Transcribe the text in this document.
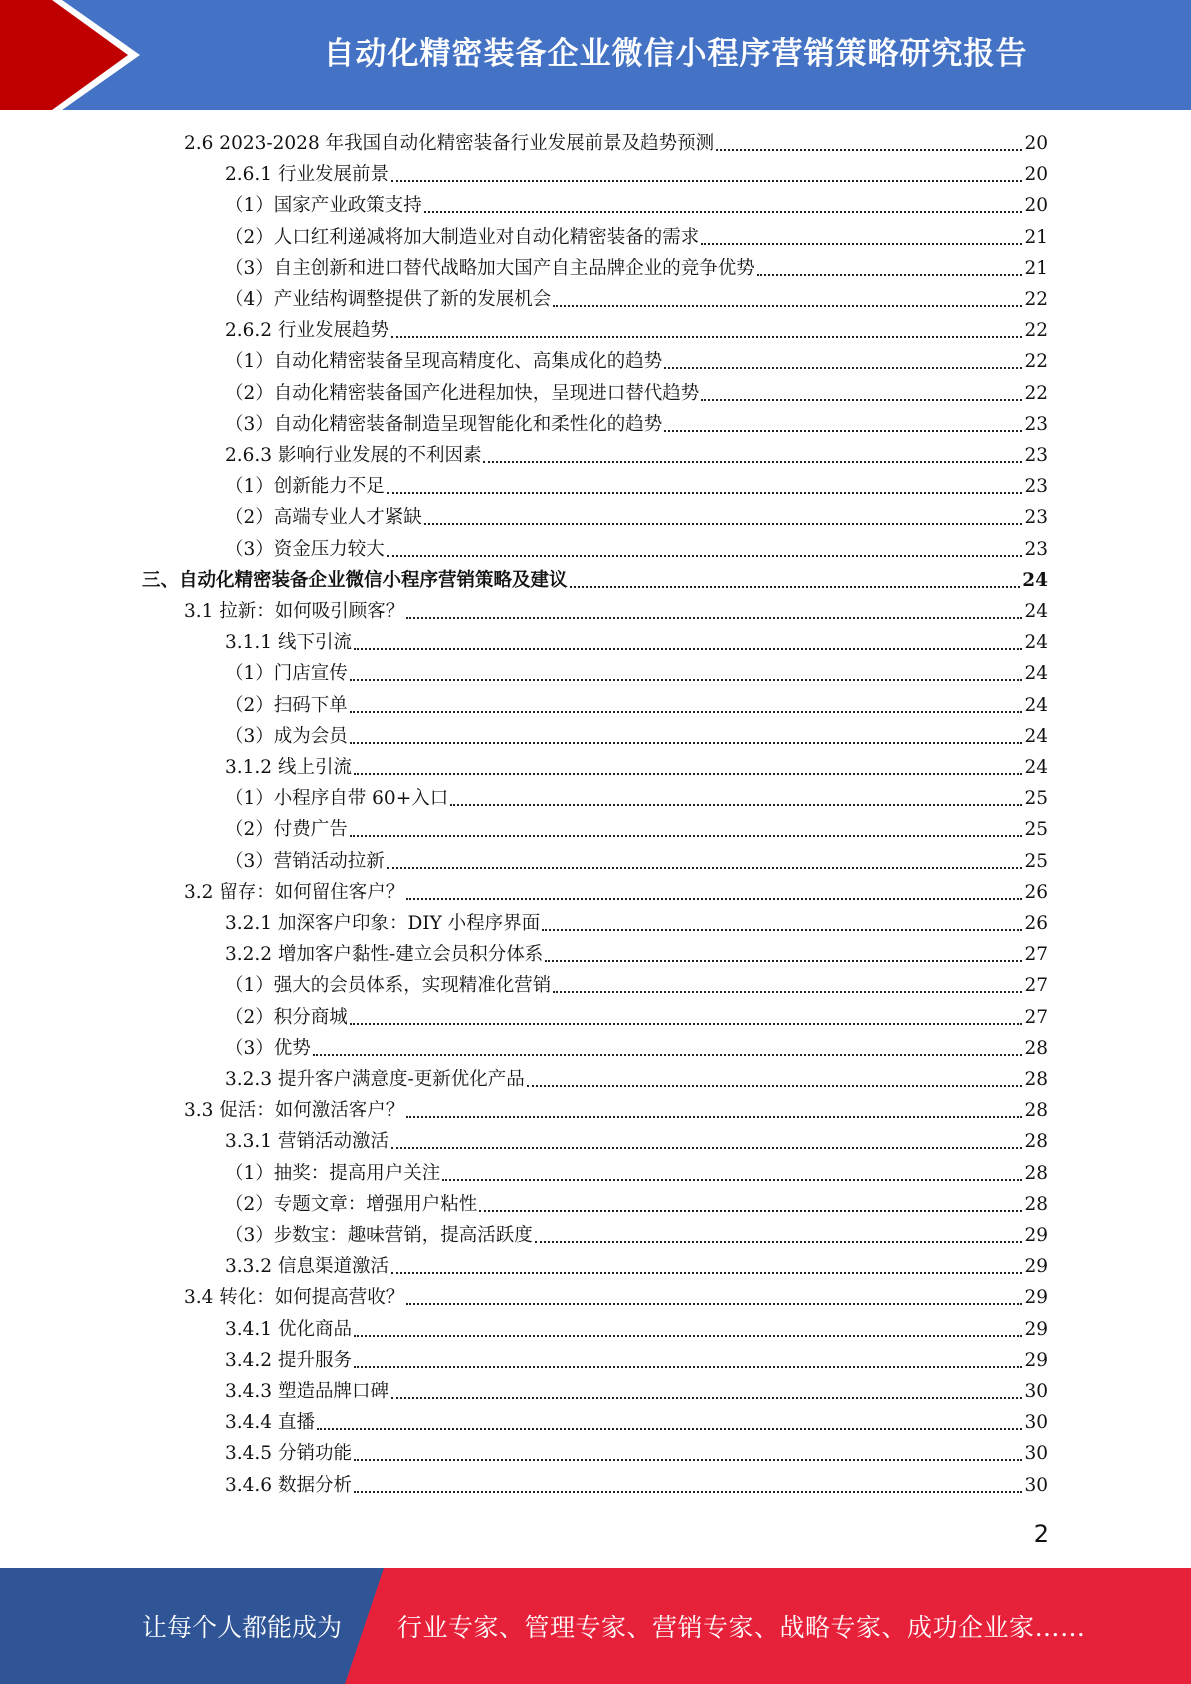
自动化精密装备企业微信小程序营销策略研究报告
2.6 2023-2028 年我国自动化精密装备行业发展前景及趋势预测	20
2.6.1 行业发展前景	20
（1）国家产业政策支持	20
（2）人口红利递减将加大制造业对自动化精密装备的需求	21
（3）自主创新和进口替代战略加大国产自主品牌企业的竞争优势	21
（4）产业结构调整提供了新的发展机会	22
2.6.2 行业发展趋势	22
（1）自动化精密装备呈现高精度化、高集成化的趋势	22
（2）自动化精密装备国产化进程加快，呈现进口替代趋势	22
（3）自动化精密装备制造呈现智能化和柔性化的趋势	23
2.6.3 影响行业发展的不利因素	23
（1）创新能力不足	23
（2）高端专业人才紧缺	23
（3）资金压力较大	23
三、自动化精密装备企业微信小程序营销策略及建议	24
3.1 拉新：如何吸引顾客？	24
3.1.1 线下引流	24
（1）门店宣传	24
（2）扫码下单	24
（3）成为会员	24
3.1.2 线上引流	24
（1）小程序自带 60+入口	25
（2）付费广告	25
（3）营销活动拉新	25
3.2 留存：如何留住客户？	26
3.2.1 加深客户印象：DIY 小程序界面	26
3.2.2 增加客户黏性-建立会员积分体系	27
（1）强大的会员体系，实现精准化营销	27
（2）积分商城	27
（3）优势	28
3.2.3 提升客户满意度-更新优化产品	28
3.3 促活：如何激活客户？	28
3.3.1 营销活动激活	28
（1）抽奖：提高用户关注	28
（2）专题文章：增强用户粘性	28
（3）步数宝：趣味营销，提高活跃度	29
3.3.2 信息渠道激活	29
3.4 转化：如何提高营收？	29
3.4.1 优化商品	29
3.4.2 提升服务	29
3.4.3 塑造品牌口碑	30
3.4.4 直播	30
3.4.5 分销功能	30
3.4.6 数据分析	30
2
让每个人都能成为 行业专家、管理专家、营销专家、战略专家、成功企业家……
